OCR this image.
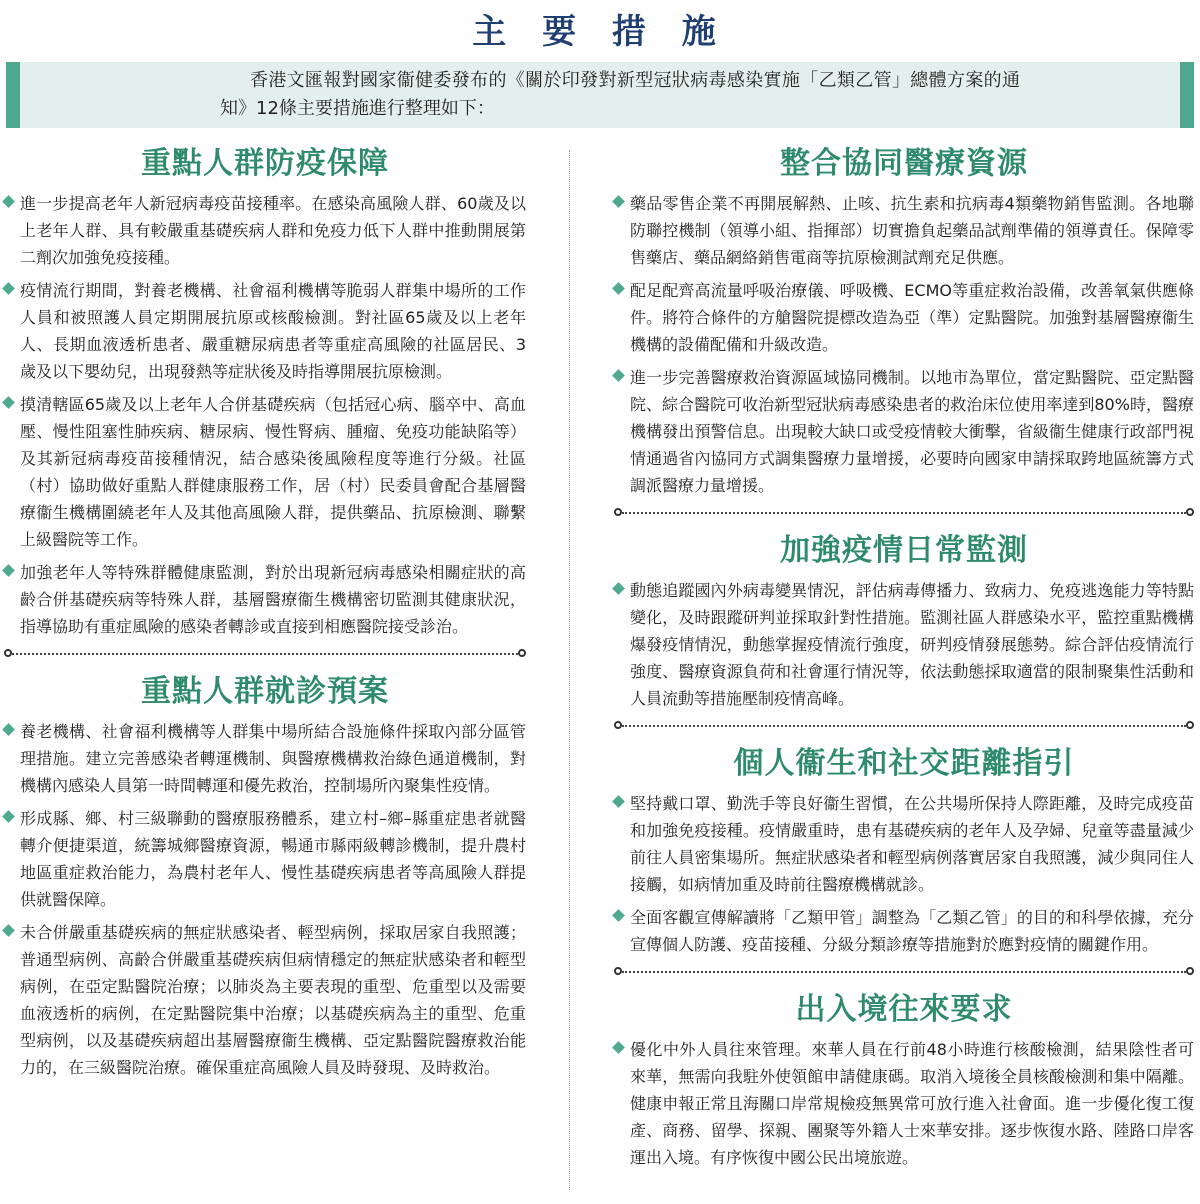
主 要 措 施
香港文匯報對國家衞健委發布的《關於印發對新型冠狀病毒感染實施「乙類乙管」總體方案的通知》12條主要措施進行整理如下：
重點人群防疫保障
進一步提高老年人新冠病毒疫苗接種率。在感染高風險人群、60歲及以上老年人群、具有較嚴重基礎疾病人群和免疫力低下人群中推動開展第二劑次加強免疫接種。
疫情流行期間，對養老機構、社會福利機構等脆弱人群集中場所的工作人員和被照護人員定期開展抗原或核酸檢測。對社區65歲及以上老年人、長期血液透析患者、嚴重糖尿病患者等重症高風險的社區居民、3歲及以下嬰幼兒，出現發熱等症狀後及時指導開展抗原檢測。
摸清轄區65歲及以上老年人合併基礎疾病（包括冠心病、腦卒中、高血壓、慢性阻塞性肺疾病、糖尿病、慢性腎病、腫瘤、免疫功能缺陷等）及其新冠病毒疫苗接種情況，結合感染後風險程度等進行分級。社區（村）協助做好重點人群健康服務工作，居（村）民委員會配合基層醫療衞生機構圍繞老年人及其他高風險人群，提供藥品、抗原檢測、聯繫上級醫院等工作。
加強老年人等特殊群體健康監測，對於出現新冠病毒感染相關症狀的高齡合併基礎疾病等特殊人群，基層醫療衞生機構密切監測其健康狀況，指導協助有重症風險的感染者轉診或直接到相應醫院接受診治。
重點人群就診預案
養老機構、社會福利機構等人群集中場所結合設施條件採取內部分區管理措施。建立完善感染者轉運機制、與醫療機構救治綠色通道機制，對機構內感染人員第一時間轉運和優先救治，控制場所內聚集性疫情。
形成縣、鄉、村三級聯動的醫療服務體系，建立村–鄉–縣重症患者就醫轉介便捷渠道，統籌城鄉醫療資源，暢通市縣兩級轉診機制，提升農村地區重症救治能力，為農村老年人、慢性基礎疾病患者等高風險人群提供就醫保障。
未合併嚴重基礎疾病的無症狀感染者、輕型病例，採取居家自我照護；普通型病例、高齡合併嚴重基礎疾病但病情穩定的無症狀感染者和輕型病例，在亞定點醫院治療；以肺炎為主要表現的重型、危重型以及需要血液透析的病例，在定點醫院集中治療；以基礎疾病為主的重型、危重型病例，以及基礎疾病超出基層醫療衞生機構、亞定點醫院醫療救治能力的，在三級醫院治療。確保重症高風險人員及時發現、及時救治。
整合協同醫療資源
藥品零售企業不再開展解熱、止咳、抗生素和抗病毒4類藥物銷售監測。各地聯防聯控機制（領導小組、指揮部）切實擔負起藥品試劑準備的領導責任。保障零售藥店、藥品網絡銷售電商等抗原檢測試劑充足供應。
配足配齊高流量呼吸治療儀、呼吸機、ECMO等重症救治設備，改善氧氣供應條件。將符合條件的方艙醫院提標改造為亞（準）定點醫院。加強對基層醫療衞生機構的設備配備和升級改造。
進一步完善醫療救治資源區域協同機制。以地市為單位，當定點醫院、亞定點醫院、綜合醫院可收治新型冠狀病毒感染患者的救治床位使用率達到80%時，醫療機構發出預警信息。出現較大缺口或受疫情較大衝擊，省級衞生健康行政部門視情通過省內協同方式調集醫療力量增援，必要時向國家申請採取跨地區統籌方式調派醫療力量增援。
加強疫情日常監測
動態追蹤國內外病毒變異情況，評估病毒傳播力、致病力、免疫逃逸能力等特點變化，及時跟蹤研判並採取針對性措施。監測社區人群感染水平，監控重點機構爆發疫情情況，動態掌握疫情流行強度，研判疫情發展態勢。綜合評估疫情流行強度、醫療資源負荷和社會運行情況等，依法動態採取適當的限制聚集性活動和人員流動等措施壓制疫情高峰。
個人衞生和社交距離指引
堅持戴口罩、勤洗手等良好衞生習慣，在公共場所保持人際距離，及時完成疫苗和加強免疫接種。疫情嚴重時，患有基礎疾病的老年人及孕婦、兒童等盡量減少前往人員密集場所。無症狀感染者和輕型病例落實居家自我照護，減少與同住人接觸，如病情加重及時前往醫療機構就診。
全面客觀宣傳解讀將「乙類甲管」調整為「乙類乙管」的目的和科學依據，充分宣傳個人防護、疫苗接種、分級分類診療等措施對於應對疫情的關鍵作用。
出入境往來要求
優化中外人員往來管理。來華人員在行前48小時進行核酸檢測，結果陰性者可來華，無需向我駐外使領館申請健康碼。取消入境後全員核酸檢測和集中隔離。健康申報正常且海關口岸常規檢疫無異常可放行進入社會面。進一步優化復工復產、商務、留學、探親、團聚等外籍人士來華安排。逐步恢復水路、陸路口岸客運出入境。有序恢復中國公民出境旅遊。
